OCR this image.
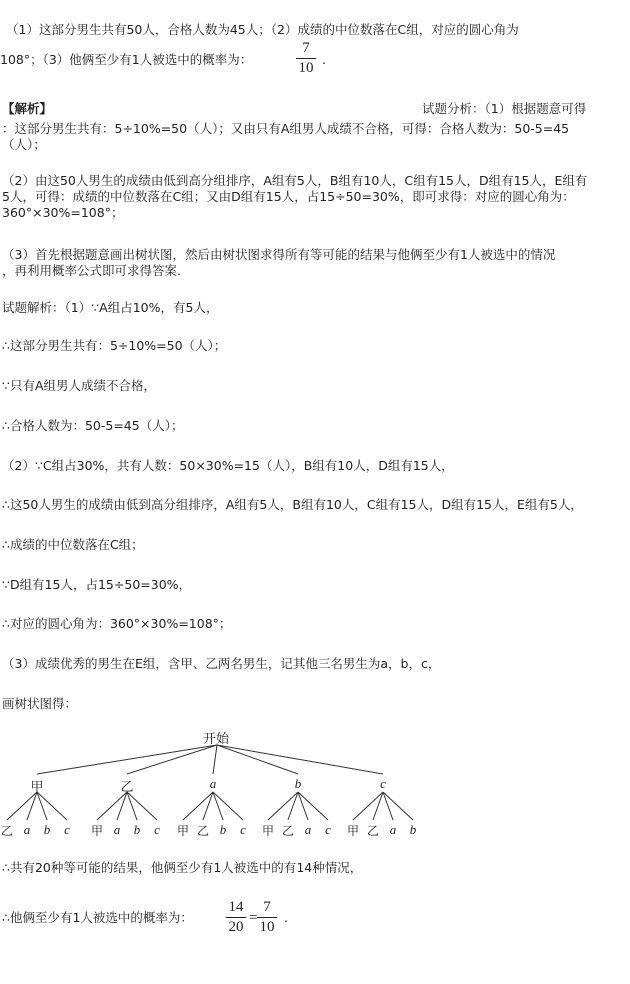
（1）这部分男生共有50人，合格人数为45人；（2）成绩的中位数落在C组，对应的圆心角为
108°；（3）他俩至少有1人被选中的概率为：
7
10
.
【解析】	试题分析：（1）根据题意可得
：这部分男生共有：5÷10%=50（人）；又由只有A组男人成绩不合格，可得：合格人数为：50-5=45
（人）；
（2）由这50人男生的成绩由低到高分组排序，A组有5人，B组有10人，C组有15人，D组有15人，E组有
5人，可得：成绩的中位数落在C组；又由D组有15人，占15÷50=30%，即可求得：对应的圆心角为：
360°×30%=108°；
（3）首先根据题意画出树状图，然后由树状图求得所有等可能的结果与他俩至少有1人被选中的情况
，再利用概率公式即可求得答案.
试题解析：（1）∵A组占10%，有5人，
∴这部分男生共有：5÷10%=50（人）；
∵只有A组男人成绩不合格，
∴合格人数为：50-5=45（人）；
（2）∵C组占30%，共有人数：50×30%=15（人），B组有10人，D组有15人，
∴这50人男生的成绩由低到高分组排序，A组有5人，B组有10人，C组有15人，D组有15人，E组有5人，
∴成绩的中位数落在C组；
∵D组有15人，占15÷50=30%，
∴对应的圆心角为：360°×30%=108°；
（3）成绩优秀的男生在E组，含甲、乙两名男生，记其他三名男生为a，b，c，
画树状图得：
开始
甲
乙 a b c
乙
甲 a b c
a
甲 乙 b c
b
甲 乙 a c
c
甲 乙 a b
∴共有20种等可能的结果，他俩至少有1人被选中的有14种情况，
∴他俩至少有1人被选中的概率为：
14
20
=
7
10
.
